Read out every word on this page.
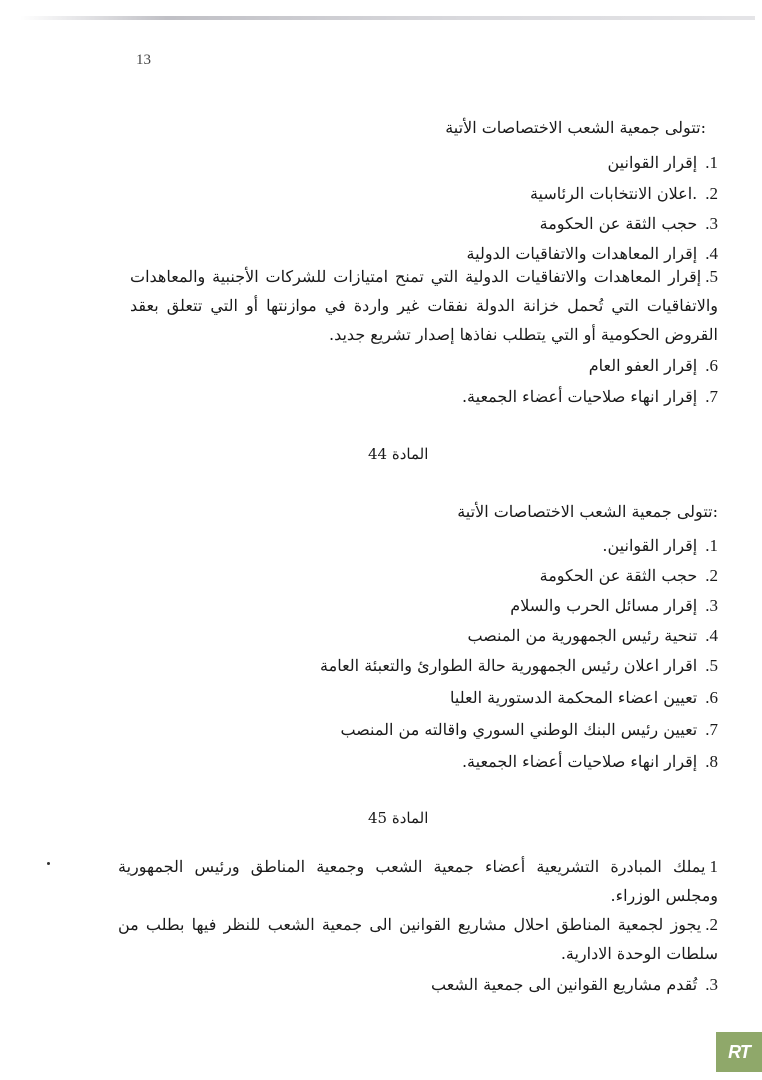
13
:تتولى جمعية الشعب الاختصاصات الأتية
1.إقرار القوانين
2..اعلان الانتخابات الرئاسية
3.حجب الثقة عن الحكومة
4.إقرار المعاهدات والاتفاقيات الدولية
5.إقرار المعاهدات والاتفاقيات الدولية التي تمنح امتيازات للشركات الأجنبية والمعاهدات والاتفاقيات التي تُحمل خزانة الدولة نفقات غير واردة في موازنتها أو التي تتعلق بعقد القروض الحكومية أو التي يتطلب نفاذها إصدار تشريع جديد.
6.إقرار العفو العام
7.إقرار انهاء صلاحيات أعضاء الجمعية.
المادة 44
:تتولى جمعية الشعب الاختصاصات الأتية
1.إقرار القوانين.
2.حجب الثقة عن الحكومة
3.إقرار مسائل الحرب والسلام
4.تنحية رئيس الجمهورية من المنصب
5.اقرار اعلان رئيس الجمهورية حالة الطوارئ والتعبئة العامة
6.تعيين اعضاء المحكمة الدستورية العليا
7.تعيين رئيس البنك الوطني السوري واقالته من المنصب
8.إقرار انهاء صلاحيات أعضاء الجمعية.
المادة 45
1يملك المبادرة التشريعية أعضاء جمعية الشعب وجمعية المناطق ورئيس الجمهورية ومجلس الوزراء.
2.يجوز لجمعية المناطق احلال مشاريع القوانين الى جمعية الشعب للنظر فيها بطلب من سلطات الوحدة الادارية.
3.تُقدم مشاريع القوانين الى جمعية الشعب
RT
